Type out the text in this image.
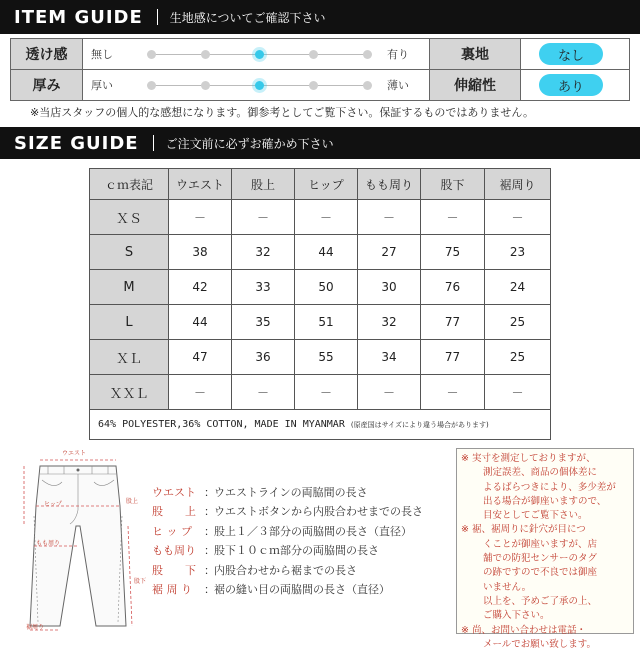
ITEM GUIDE 生地感についてご確認下さい
透け感	無し	有り	裏地	なし
厚み	厚い	薄い	伸縮性	あり
※当店スタッフの個人的な感想になります。御参考としてご覧下さい。保証するものではありません。
SIZE GUIDE ご注文前に必ずお確かめ下さい
ｃｍ表記	ウエスト	股上	ヒップ	もも周り	股下	裾周り
ＸＳ	－	－	－	－	－	－
S	38	32	44	27	75	23
M	42	33	50	30	76	24
L	44	35	51	32	77	25
ＸＬ	47	36	55	34	77	25
ＸＸＬ	－	－	－	－	－	－
64% POLYESTER,36% COTTON, MADE IN MYANMAR (原産国はサイズにより違う場合があります)						
ウエスト
股上
ヒップ
もも周り
股下
裾周り
ウエスト ： ウエストラインの両脇間の長さ
股　　上 ： ウエストボタンから内股合わせまでの長さ
ヒ ッ プ	： 股上１／３部分の両脇間の長さ（直径）
もも周り ： 股下１０ｃｍ部分の両脇間の長さ
股　　下 ： 内股合わせから裾までの長さ
裾 周 り	： 裾の縫い目の両脇間の長さ（直径）
※ 実寸を測定しておりますが、
測定誤差、商品の個体差に
よるばらつきにより、多少差が
出る場合が御座いますので、
目安としてご覧下さい。
※ 裾、裾周りに針穴が目につ
くことが御座いますが、店
舗での防犯センサーのタグ
の跡ですので不良では御座
いません。
以上を、予めご了承の上、
ご購入下さい。
※ 尚、お問い合わせは電話・
メールでお願い致します。
